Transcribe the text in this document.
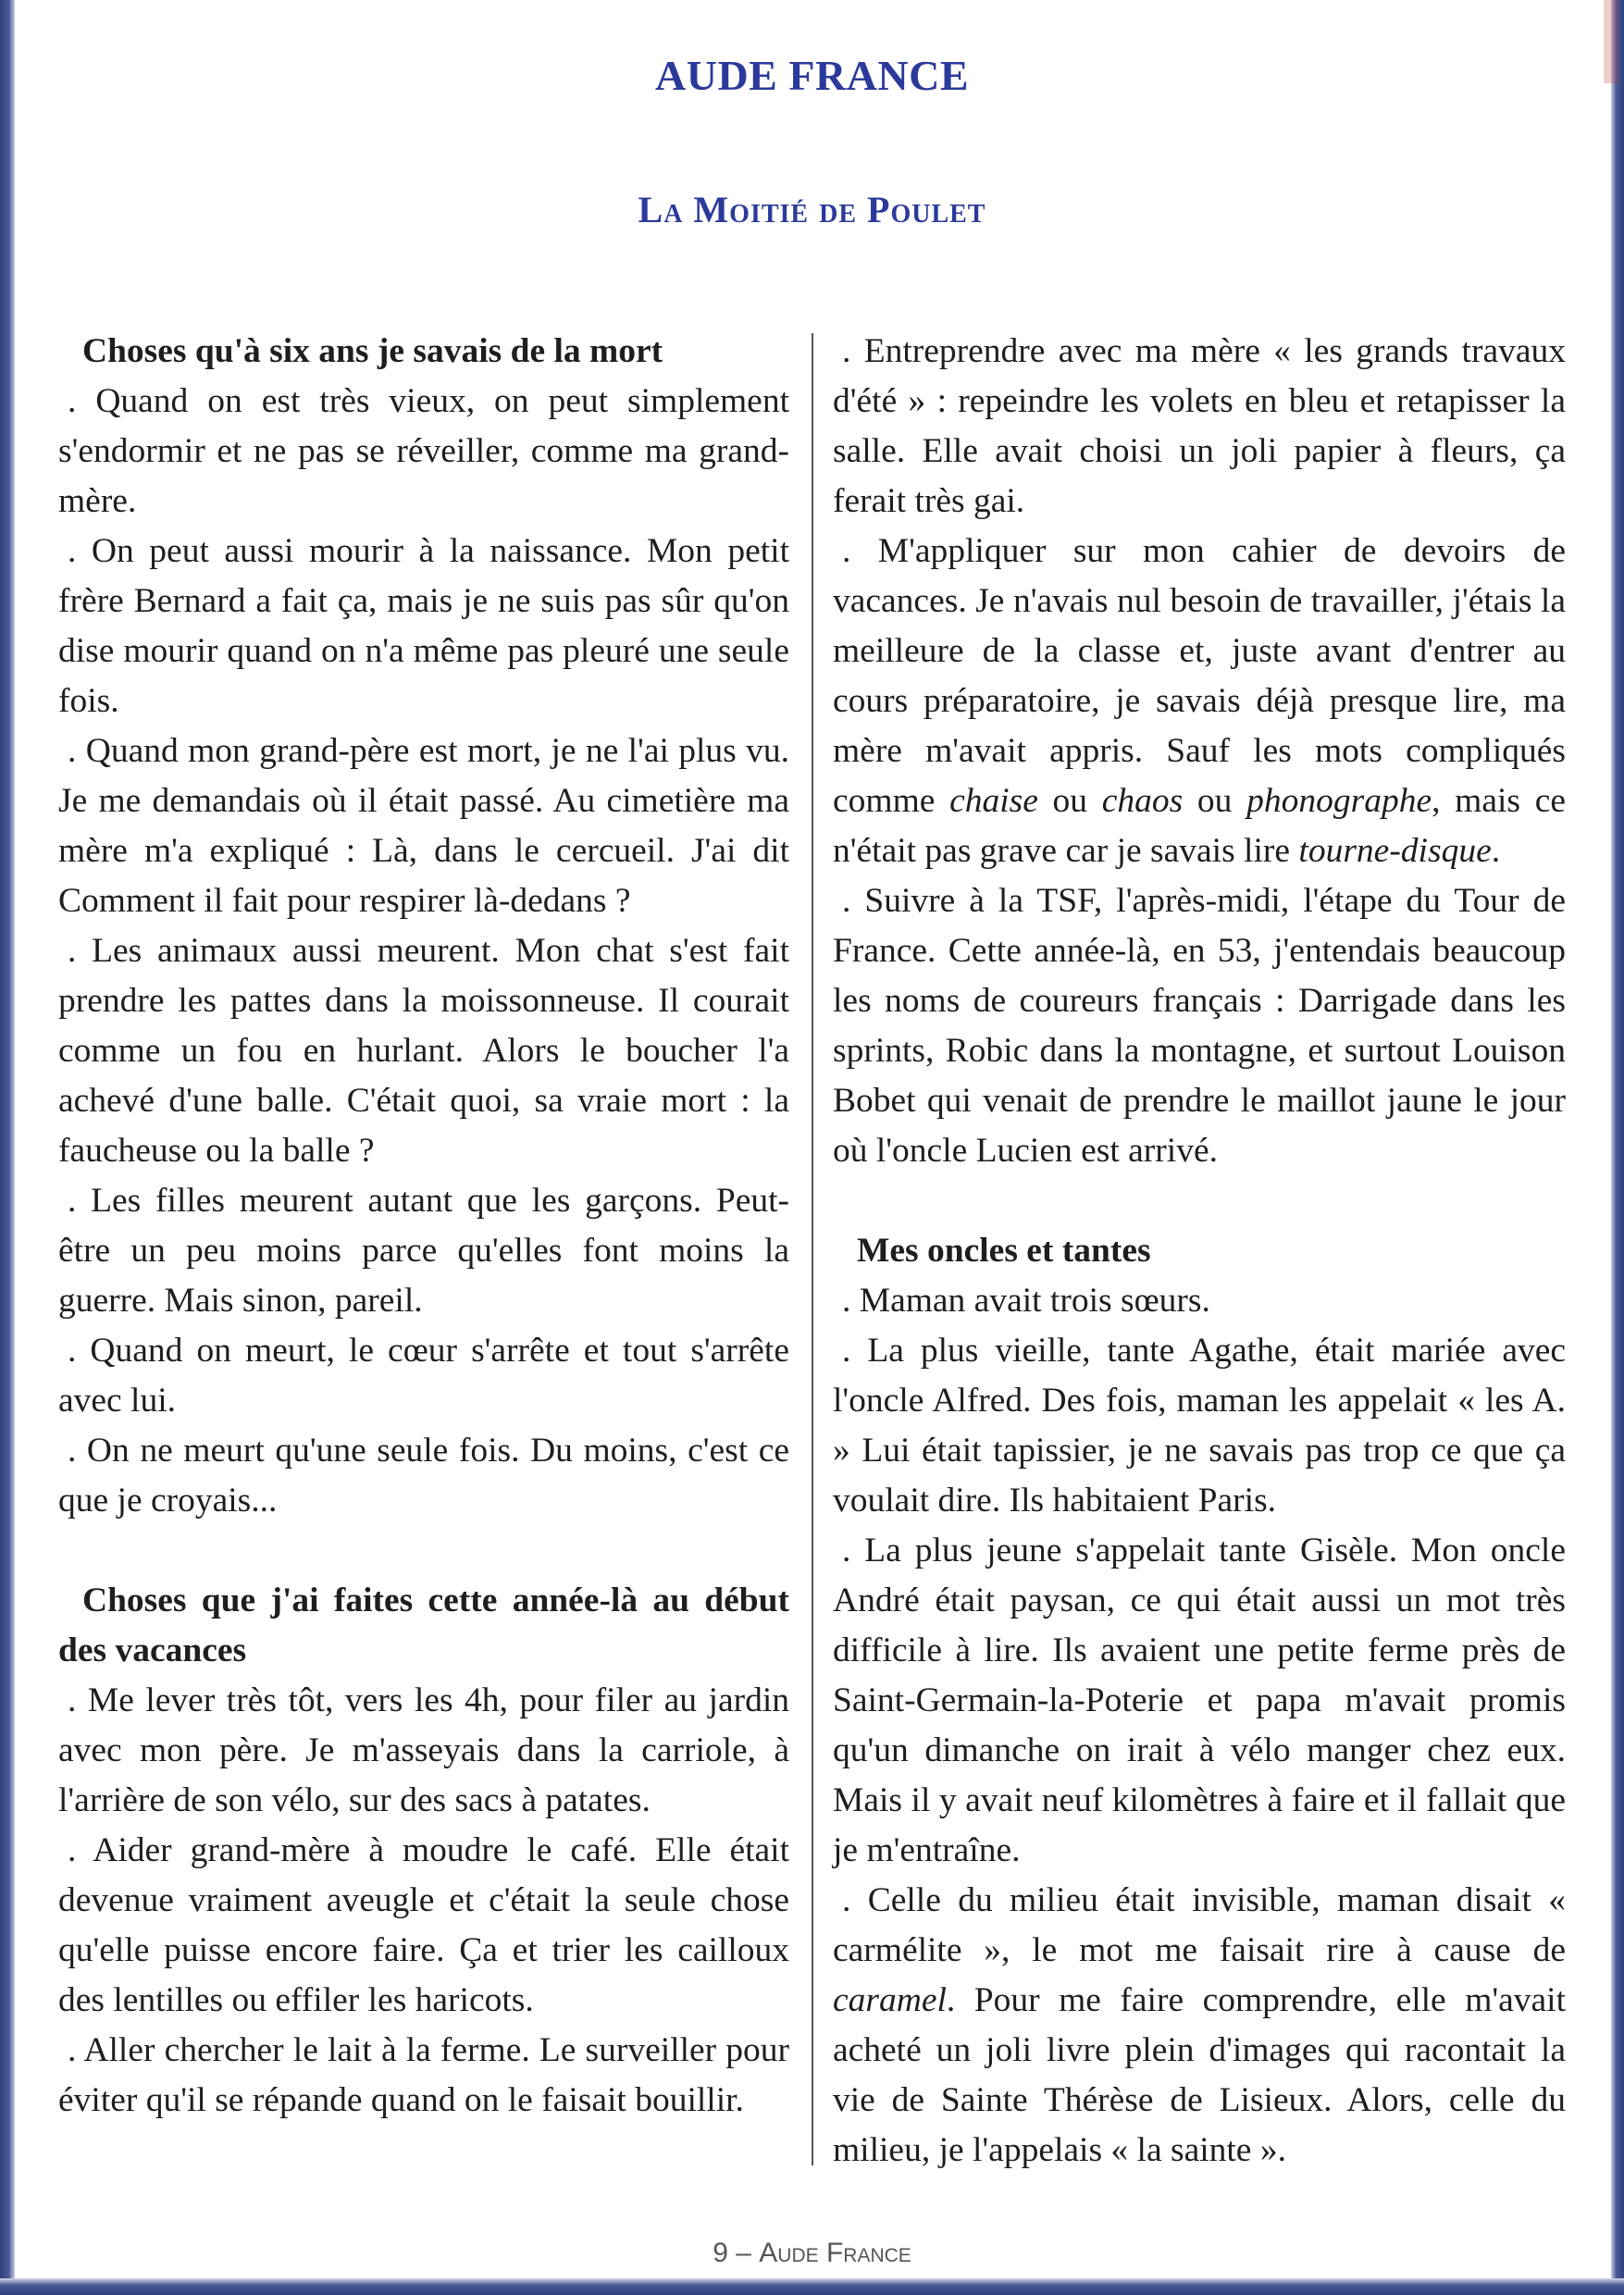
AUDE FRANCE
La Moitié de Poulet
Choses qu'à six ans je savais de la mort

. Quand on est très vieux, on peut simplement s'endormir et ne pas se réveiller, comme ma grand-mère.

. On peut aussi mourir à la naissance. Mon petit frère Bernard a fait ça, mais je ne suis pas sûr qu'on dise mourir quand on n'a même pas pleuré une seule fois.

. Quand mon grand-père est mort, je ne l'ai plus vu. Je me demandais où il était passé. Au cimetière ma mère m'a expliqué : Là, dans le cercueil. J'ai dit Comment il fait pour respirer là-dedans ?

. Les animaux aussi meurent. Mon chat s'est fait prendre les pattes dans la moissonneuse. Il courait comme un fou en hurlant. Alors le boucher l'a achevé d'une balle. C'était quoi, sa vraie mort : la faucheuse ou la balle ?

. Les filles meurent autant que les garçons. Peut-être un peu moins parce qu'elles font moins la guerre. Mais sinon, pareil.

. Quand on meurt, le cœur s'arrête et tout s'arrête avec lui.

. On ne meurt qu'une seule fois. Du moins, c'est ce que je croyais...

Choses que j'ai faites cette année-là au début des vacances

. Me lever très tôt, vers les 4h, pour filer au jardin avec mon père. Je m'asseyais dans la carriole, à l'arrière de son vélo, sur des sacs à patates.

. Aider grand-mère à moudre le café. Elle était devenue vraiment aveugle et c'était la seule chose qu'elle puisse encore faire. Ça et trier les cailloux des lentilles ou effiler les haricots.

. Aller chercher le lait à la ferme. Le surveiller pour éviter qu'il se répande quand on le faisait bouillir.

. Entreprendre avec ma mère « les grands travaux d'été » : repeindre les volets en bleu et retapisser la salle. Elle avait choisi un joli papier à fleurs, ça ferait très gai.

. M'appliquer sur mon cahier de devoirs de vacances. Je n'avais nul besoin de travailler, j'étais la meilleure de la classe et, juste avant d'entrer au cours préparatoire, je savais déjà presque lire, ma mère m'avait appris. Sauf les mots compliqués comme chaise ou chaos ou phonographe, mais ce n'était pas grave car je savais lire tourne-disque.

. Suivre à la TSF, l'après-midi, l'étape du Tour de France. Cette année-là, en 53, j'entendais beaucoup les noms de coureurs français : Darrigade dans les sprints, Robic dans la montagne, et surtout Louison Bobet qui venait de prendre le maillot jaune le jour où l'oncle Lucien est arrivé.

Mes oncles et tantes

. Maman avait trois sœurs.

. La plus vieille, tante Agathe, était mariée avec l'oncle Alfred. Des fois, maman les appelait « les A. » Lui était tapissier, je ne savais pas trop ce que ça voulait dire. Ils habitaient Paris.

. La plus jeune s'appelait tante Gisèle. Mon oncle André était paysan, ce qui était aussi un mot très difficile à lire. Ils avaient une petite ferme près de Saint-Germain-la-Poterie et papa m'avait promis qu'un dimanche on irait à vélo manger chez eux. Mais il y avait neuf kilomètres à faire et il fallait que je m'entraîne.

. Celle du milieu était invisible, maman disait « carmélite », le mot me faisait rire à cause de caramel. Pour me faire comprendre, elle m'avait acheté un joli livre plein d'images qui racontait la vie de Sainte Thérèse de Lisieux. Alors, celle du milieu, je l'appelais « la sainte ».

9 – Aude France
